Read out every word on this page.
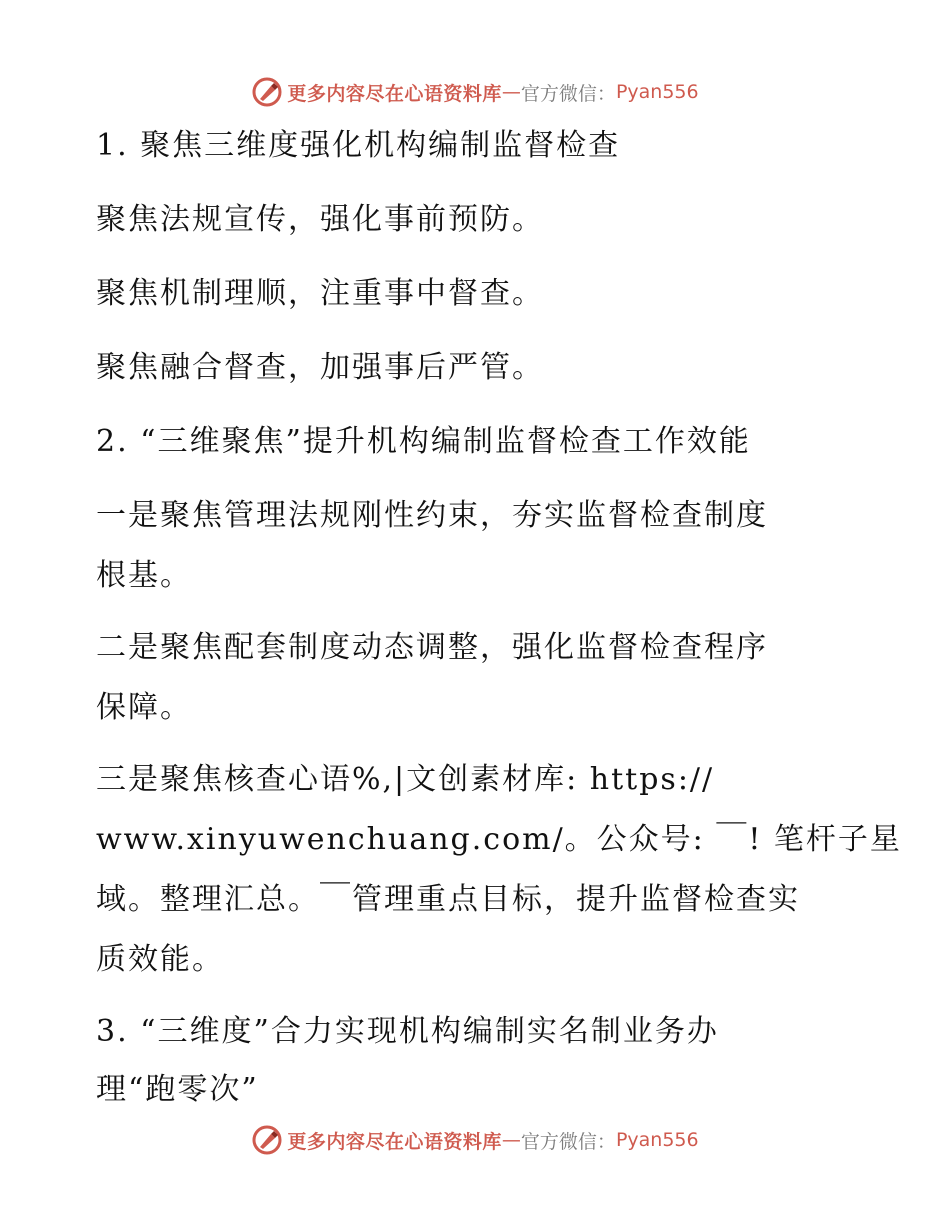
更多内容尽在心语资料库 — 官方微信： Pyan556
1. 聚焦三维度强化机构编制监督检查
聚焦法规宣传，强化事前预防。
聚焦机制理顺，注重事中督查。
聚焦融合督查，加强事后严管。
2. “三维聚焦”提升机构编制监督检查工作效能
一是聚焦管理法规刚性约束，夯实监督检查制度
根基。
二是聚焦配套制度动态调整，强化监督检查程序
保障。
三是聚焦核查心语%,|文创素材库: https://
www.xinyuwenchuang.com/。公众号: ￣! 笔杆子星
域。整理汇总。￣管理重点目标，提升监督检查实
质效能。
3. “三维度”合力实现机构编制实名制业务办
理“跑零次”
更多内容尽在心语资料库 — 官方微信： Pyan556
